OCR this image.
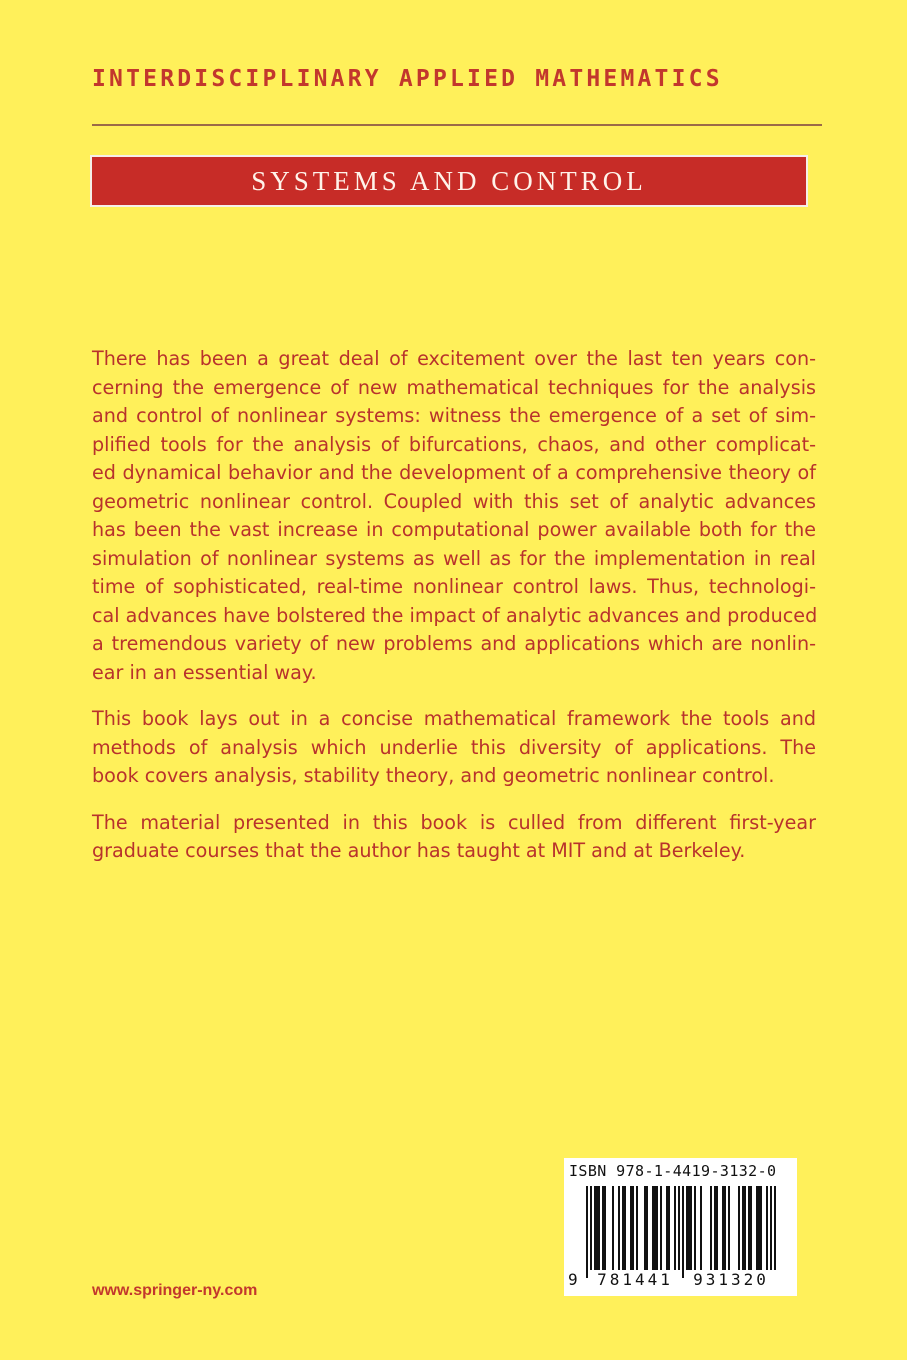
INTERDISCIPLINARY APPLIED MATHEMATICS
SYSTEMS AND CONTROL
There has been a great deal of excitement over the last ten years con-
cerning the emergence of new mathematical techniques for the analysis
and control of nonlinear systems: witness the emergence of a set of sim-
plified tools for the analysis of bifurcations, chaos, and other complicat-
ed dynamical behavior and the development of a comprehensive theory of
geometric nonlinear control. Coupled with this set of analytic advances
has been the vast increase in computational power available both for the
simulation of nonlinear systems as well as for the implementation in real
time of sophisticated, real-time nonlinear control laws. Thus, technologi-
cal advances have bolstered the impact of analytic advances and produced
a tremendous variety of new problems and applications which are nonlin-
ear in an essential way.
This book lays out in a concise mathematical framework the tools and
methods of analysis which underlie this diversity of applications. The
book covers analysis, stability theory, and geometric nonlinear control.
The material presented in this book is culled from different first-year
graduate courses that the author has taught at MIT and at Berkeley.
ISBN 978-1-4419-3132-0
9	781441	931320
www.springer-ny.com
